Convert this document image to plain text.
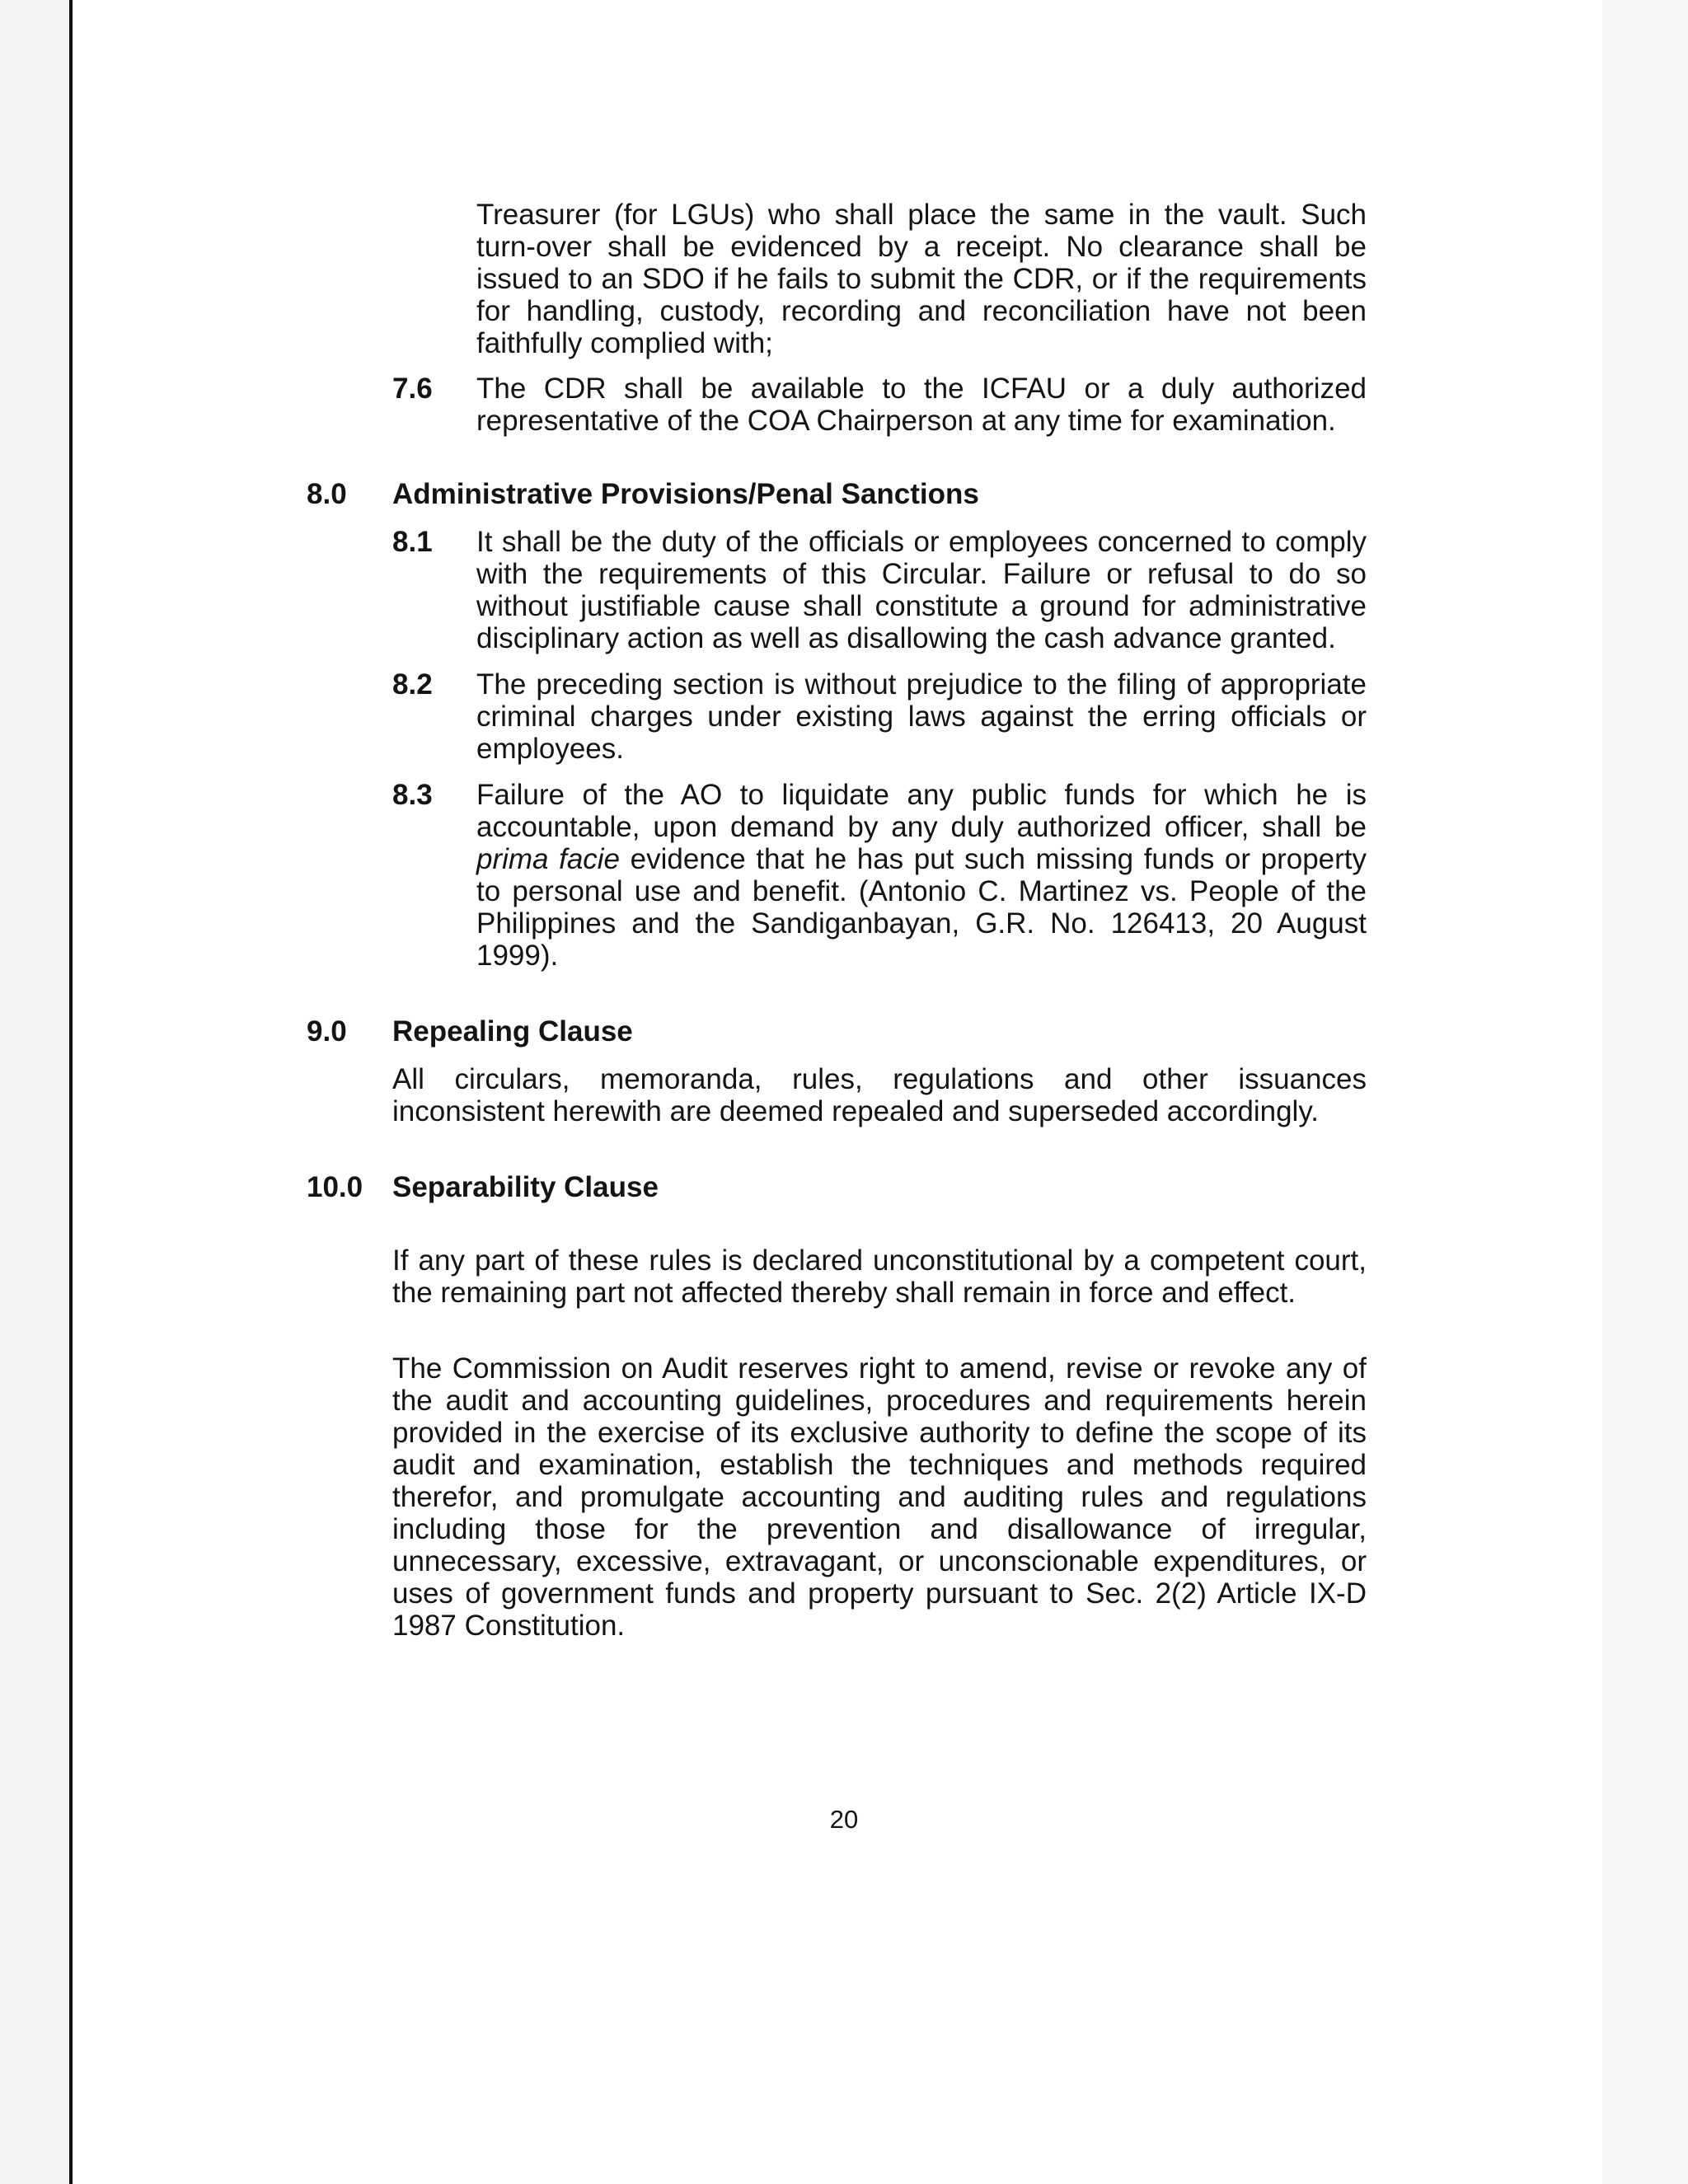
Treasurer (for LGUs) who shall place the same in the vault. Such turn-over shall be evidenced by a receipt. No clearance shall be issued to an SDO if he fails to submit the CDR, or if the requirements for handling, custody, recording and reconciliation have not been faithfully complied with;

7.6 The CDR shall be available to the ICFAU or a duly authorized representative of the COA Chairperson at any time for examination.

8.0 Administrative Provisions/Penal Sanctions
8.1 It shall be the duty of the officials or employees concerned to comply with the requirements of this Circular. Failure or refusal to do so without justifiable cause shall constitute a ground for administrative disciplinary action as well as disallowing the cash advance granted.

8.2 The preceding section is without prejudice to the filing of appropriate criminal charges under existing laws against the erring officials or employees.

8.3 Failure of the AO to liquidate any public funds for which he is accountable, upon demand by any duly authorized officer, shall be prima facie evidence that he has put such missing funds or property to personal use and benefit. (Antonio C. Martinez vs. People of the Philippines and the Sandiganbayan, G.R. No. 126413, 20 August 1999).

9.0 Repealing Clause

All circulars, memoranda, rules, regulations and other issuances inconsistent herewith are deemed repealed and superseded accordingly.

10.0 Separability Clause

If any part of these rules is declared unconstitutional by a competent court, the remaining part not affected thereby shall remain in force and effect.

The Commission on Audit reserves right to amend, revise or revoke any of the audit and accounting guidelines, procedures and requirements herein provided in the exercise of its exclusive authority to define the scope of its audit and examination, establish the techniques and methods required therefor, and promulgate accounting and auditing rules and regulations including those for the prevention and disallowance of irregular, unnecessary, excessive, extravagant, or unconscionable expenditures, or uses of government funds and property pursuant to Sec. 2(2) Article IX-D 1987 Constitution.

20
